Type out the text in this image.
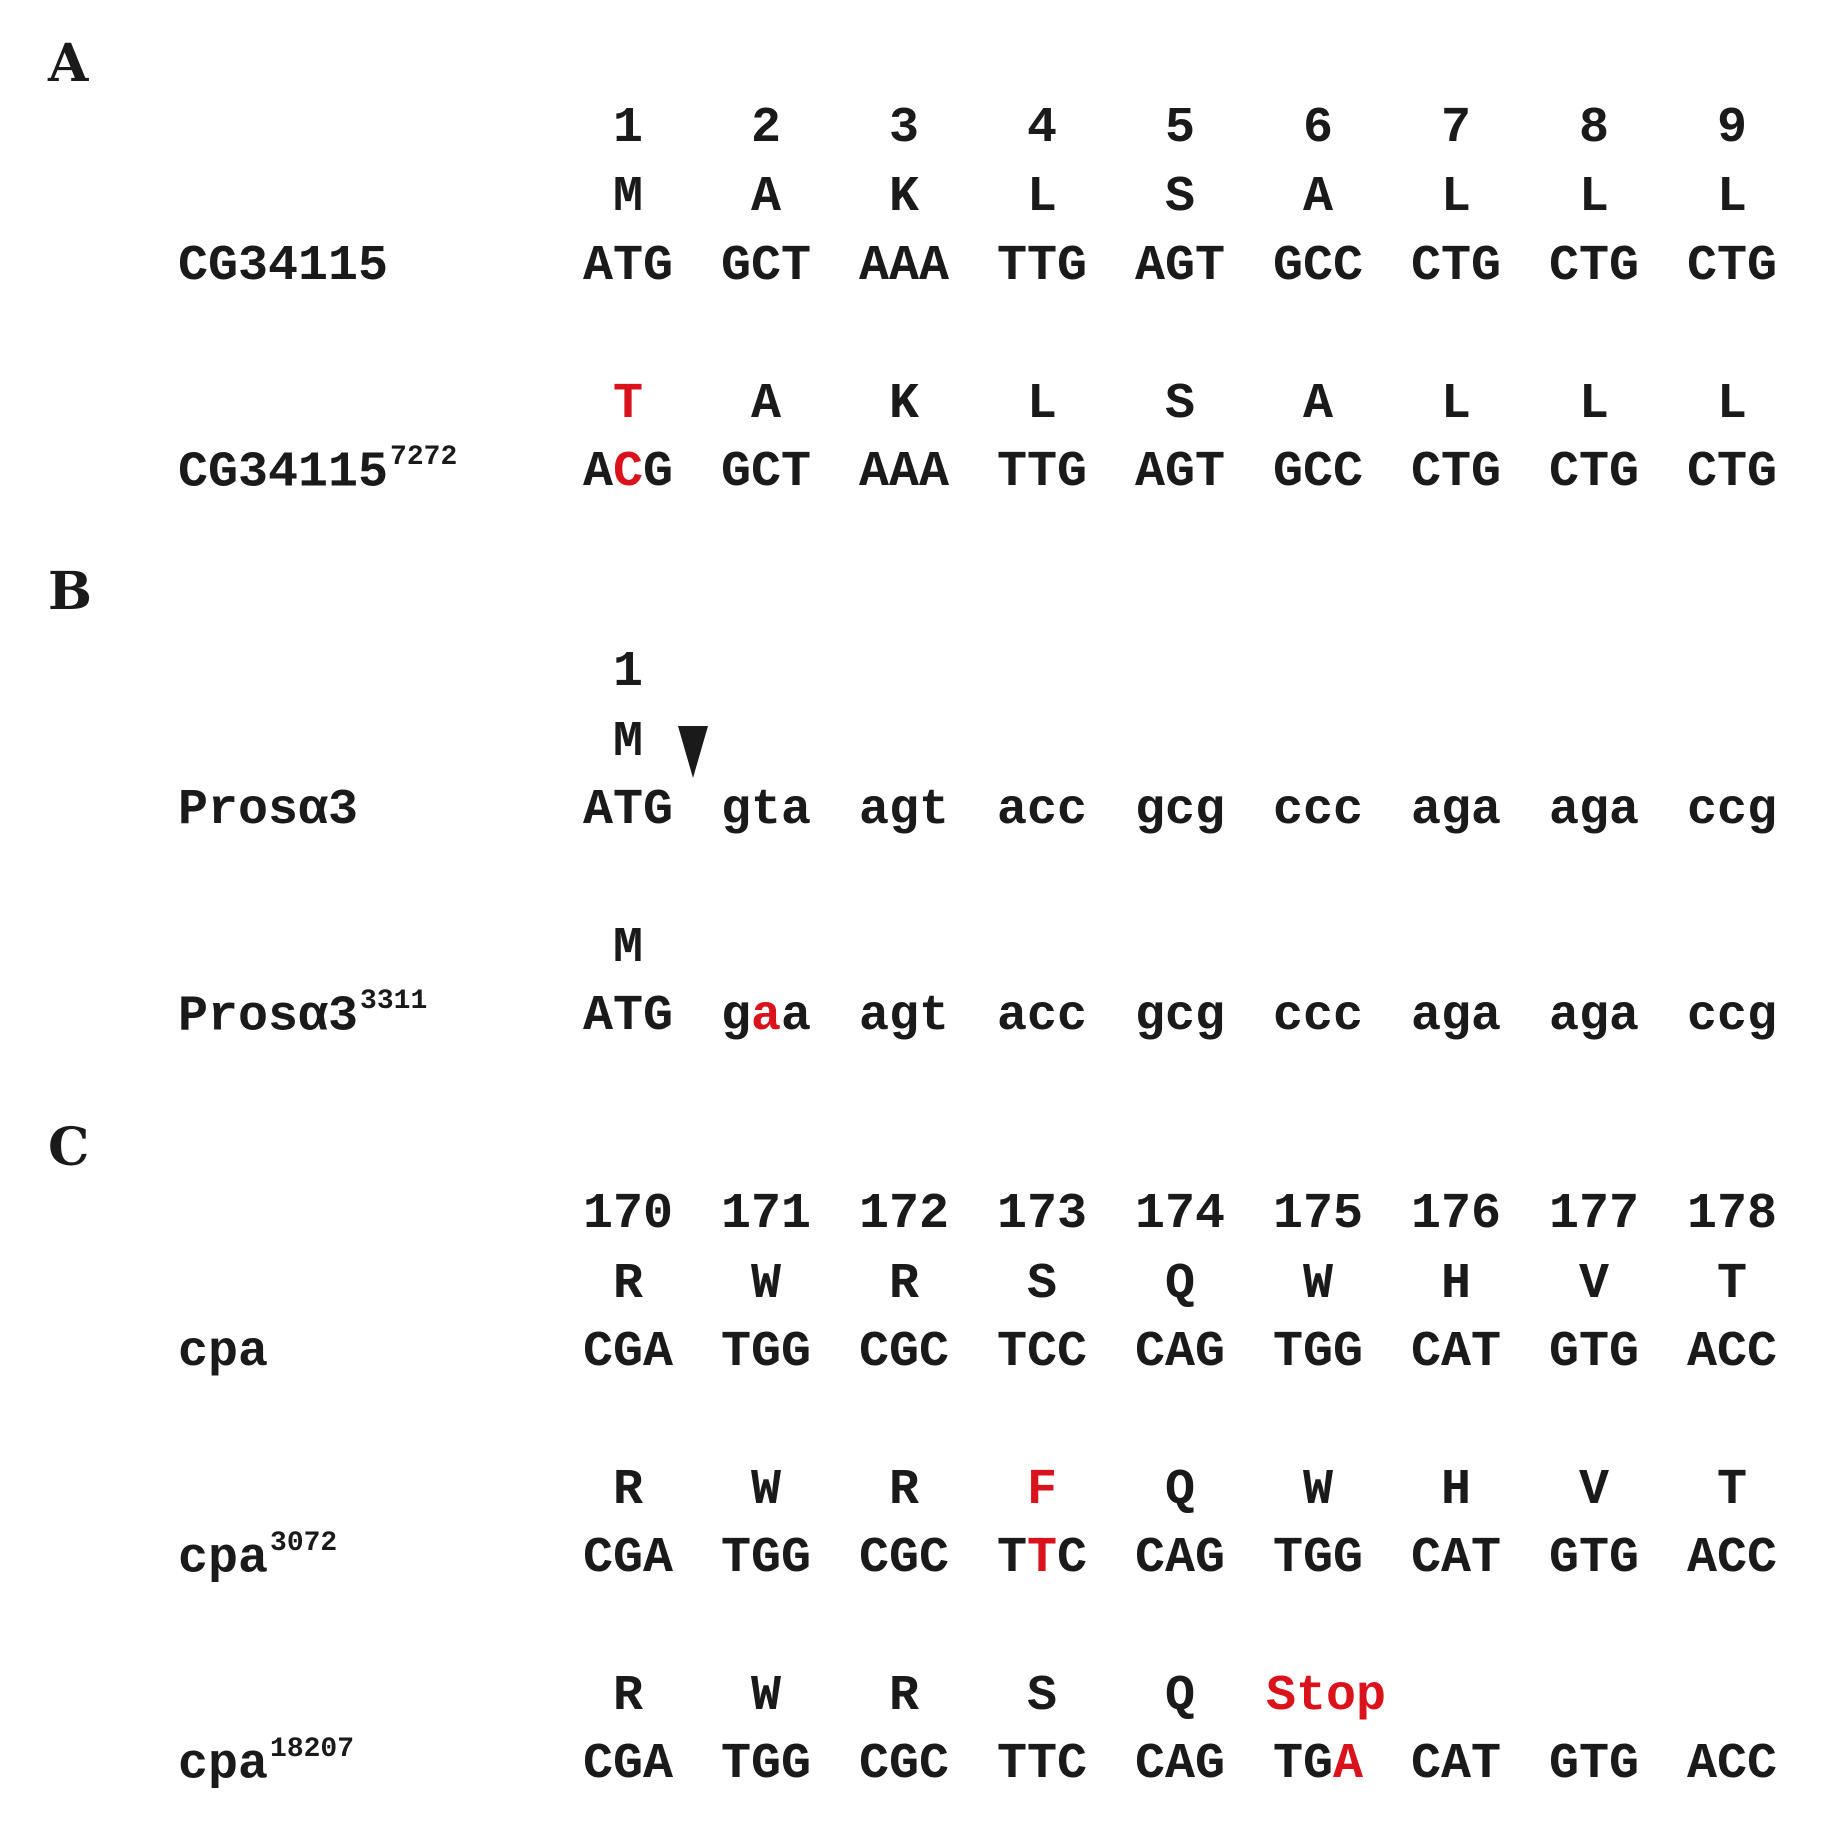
A
1	2	3	4	5	6	7	8	9
CG34115
M	A	K	L	S	A	L	L	L
ATG GCT AAA TTG AGT GCC CTG CTG CTG
$CG34115^{7272}$
T	A	K	L	S	A	L	L	L
ACG GCT AAA TTG AGT GCC CTG CTG CTG
B
1
Prosα3
M
ATG gta agt acc gcg ccc aga aga ccg
$Pros\alpha 3^{3311}$
M
ATG gaa agt acc gcg ccc aga aga ccg
C
170 171 172 173 174 175 176 177 178
cpa
R	W	R	S	Q	W	H	V	T
CGA TGG CGC TCC CAG TGG CAT GTG ACC
cpa$^{3072}$
R	W	R	F	Q	W	H	V	T
CGA TGG CGC TTC CAG TGG CAT GTG ACC
cpa$^{18207}$
R	W	R	S	Q	Stop
CGA TGG CGC TTC CAG TGA CAT GTG ACC
